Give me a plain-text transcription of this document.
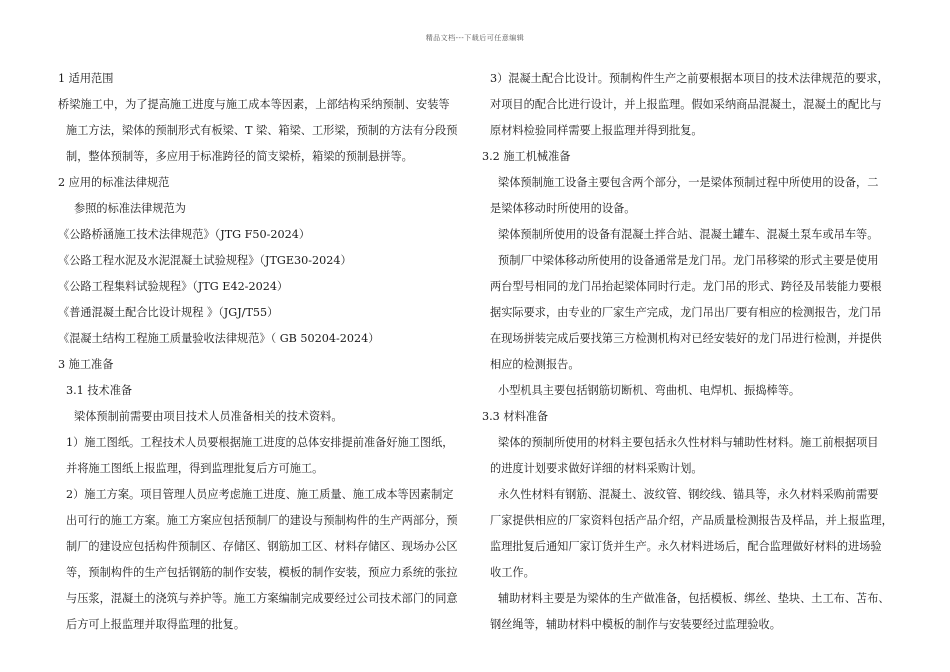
精品文档---下载后可任意编辑
1 适用范围
桥梁施工中，为了提高施工进度与施工成本等因素，上部结构采纳预制、安装等
施工方法，梁体的预制形式有板梁、T 梁、箱梁、工形梁，预制的方法有分段预
制，整体预制等，多应用于标准跨径的简支梁桥，箱梁的预制悬拼等。
2 应用的标准法律规范
参照的标准法律规范为
《公路桥涵施工技术法律规范》（JTG F50-2024）
《公路工程水泥及水泥混凝土试验规程》（JTGE30-2024）
《公路工程集料试验规程》（JTG E42-2024）
《普通混凝土配合比设计规程 》（JGJ/T55）
《混凝土结构工程施工质量验收法律规范》（ GB 50204-2024）
3 施工准备
3.1 技术准备
梁体预制前需要由项目技术人员准备相关的技术资料。
1）施工图纸。工程技术人员要根据施工进度的总体安排提前准备好施工图纸，
并将施工图纸上报监理，得到监理批复后方可施工。
2）施工方案。项目管理人员应考虑施工进度、施工质量、施工成本等因素制定
出可行的施工方案。施工方案应包括预制厂的建设与预制构件的生产两部分，预
制厂的建设应包括构件预制区、存储区、钢筋加工区、材料存储区、现场办公区
等，预制构件的生产包括钢筋的制作安装，模板的制作安装，预应力系统的张拉
与压浆，混凝土的浇筑与养护等。施工方案编制完成要经过公司技术部门的同意
后方可上报监理并取得监理的批复。
3）混凝土配合比设计。预制构件生产之前要根据本项目的技术法律规范的要求，
对项目的配合比进行设计，并上报监理。假如采纳商品混凝土，混凝土的配比与
原材料检验同样需要上报监理并得到批复。
3.2 施工机械准备
梁体预制施工设备主要包含两个部分，一是梁体预制过程中所使用的设备，二
是梁体移动时所使用的设备。
梁体预制所使用的设备有混凝土拌合站、混凝土罐车、混凝土泵车或吊车等。
预制厂中梁体移动所使用的设备通常是龙门吊。龙门吊移梁的形式主要是使用
两台型号相同的龙门吊抬起梁体同时行走。龙门吊的形式、跨径及吊装能力要根
据实际要求，由专业的厂家生产完成，龙门吊出厂要有相应的检测报告，龙门吊
在现场拼装完成后要找第三方检测机构对已经安装好的龙门吊进行检测，并提供
相应的检测报告。
小型机具主要包括钢筋切断机、弯曲机、电焊机、振捣棒等。
3.3 材料准备
梁体的预制所使用的材料主要包括永久性材料与辅助性材料。施工前根据项目
的进度计划要求做好详细的材料采购计划。
永久性材料有钢筋、混凝土、波纹管、钢绞线、锚具等，永久材料采购前需要
厂家提供相应的厂家资料包括产品介绍，产品质量检测报告及样品，并上报监理，
监理批复后通知厂家订货并生产。永久材料进场后，配合监理做好材料的进场验
收工作。
辅助材料主要是为梁体的生产做准备，包括模板、绑丝、垫块、土工布、苫布、
钢丝绳等，辅助材料中模板的制作与安装要经过监理验收。
